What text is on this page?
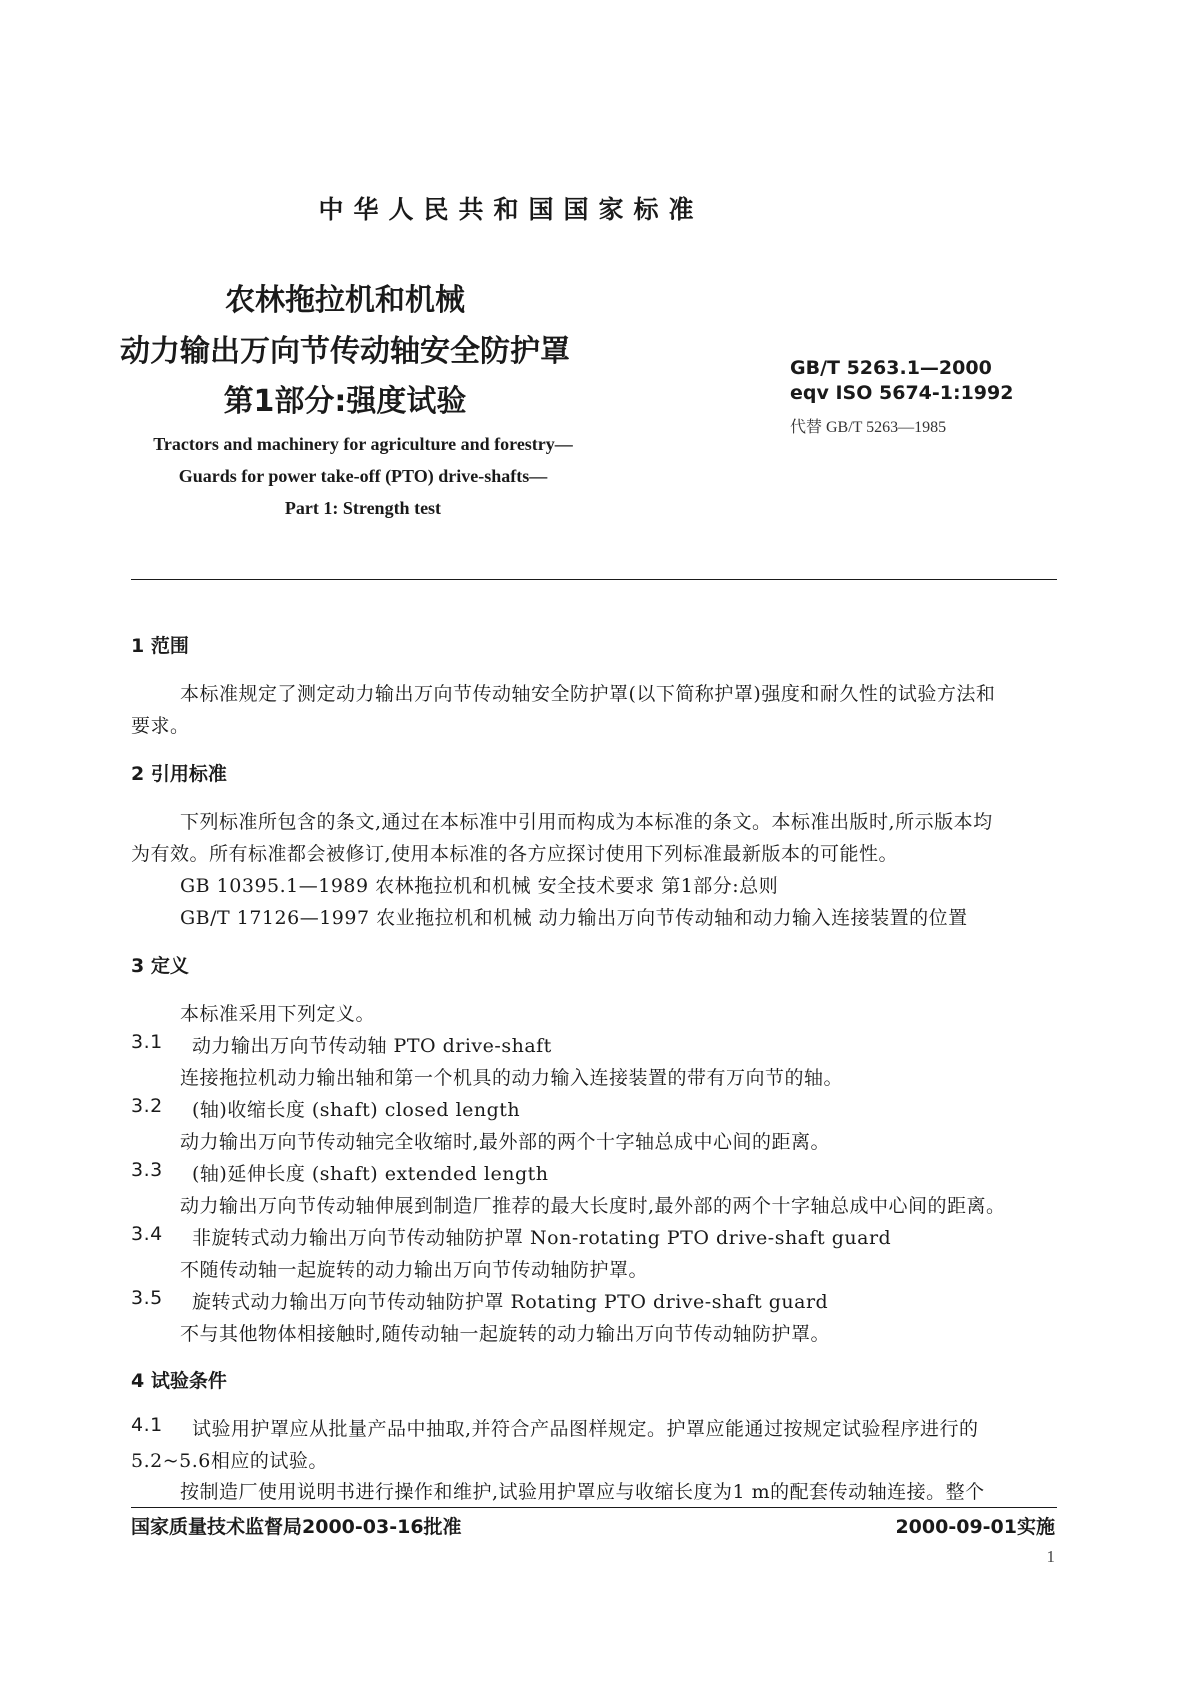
中华人民共和国国家标准
农林拖拉机和机械
动力输出万向节传动轴安全防护罩
第1部分:强度试验
GB/T 5263.1—2000
eqv ISO 5674-1:1992
代替 GB/T 5263—1985
Tractors and machinery for agriculture and forestry—
Guards for power take-off (PTO) drive-shafts—
Part 1: Strength test
1 范围
本标准规定了测定动力输出万向节传动轴安全防护罩(以下简称护罩)强度和耐久性的试验方法和
要求。
2 引用标准
下列标准所包含的条文,通过在本标准中引用而构成为本标准的条文。本标准出版时,所示版本均
为有效。所有标准都会被修订,使用本标准的各方应探讨使用下列标准最新版本的可能性。
GB 10395.1—1989 农林拖拉机和机械 安全技术要求 第1部分:总则
GB/T 17126—1997 农业拖拉机和机械 动力输出万向节传动轴和动力输入连接装置的位置
3 定义
本标准采用下列定义。
3.1 动力输出万向节传动轴 PTO drive-shaft
连接拖拉机动力输出轴和第一个机具的动力输入连接装置的带有万向节的轴。
3.2 (轴)收缩长度 (shaft) closed length
动力输出万向节传动轴完全收缩时,最外部的两个十字轴总成中心间的距离。
3.3 (轴)延伸长度 (shaft) extended length
动力输出万向节传动轴伸展到制造厂推荐的最大长度时,最外部的两个十字轴总成中心间的距离。
3.4 非旋转式动力输出万向节传动轴防护罩 Non-rotating PTO drive-shaft guard
不随传动轴一起旋转的动力输出万向节传动轴防护罩。
3.5 旋转式动力输出万向节传动轴防护罩 Rotating PTO drive-shaft guard
不与其他物体相接触时,随传动轴一起旋转的动力输出万向节传动轴防护罩。
4 试验条件
4.1 试验用护罩应从批量产品中抽取,并符合产品图样规定。护罩应能通过按规定试验程序进行的
5.2~5.6相应的试验。
按制造厂使用说明书进行操作和维护,试验用护罩应与收缩长度为1 m的配套传动轴连接。整个
国家质量技术监督局2000-03-16批准	2000-09-01实施
1
